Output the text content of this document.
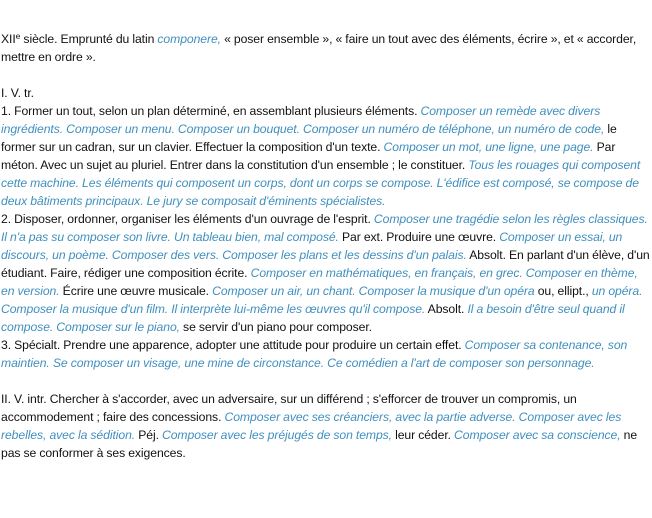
XIIe siècle. Emprunté du latin componere, « poser ensemble », « faire un tout avec des éléments, écrire », et « accorder, mettre en ordre ».

I. V. tr.

1. Former un tout, selon un plan déterminé, en assemblant plusieurs éléments. Composer un remède avec divers ingrédients. Composer un menu. Composer un bouquet. Composer un numéro de téléphone, un numéro de code, le former sur un cadran, sur un clavier. Effectuer la composition d'un texte. Composer un mot, une ligne, une page. Par méton. Avec un sujet au pluriel. Entrer dans la constitution d'un ensemble ; le constituer. Tous les rouages qui composent cette machine. Les éléments qui composent un corps, dont un corps se compose. L'édifice est composé, se compose de deux bâtiments principaux. Le jury se composait d'éminents spécialistes.

2. Disposer, ordonner, organiser les éléments d'un ouvrage de l'esprit. Composer une tragédie selon les règles classiques. Il n'a pas su composer son livre. Un tableau bien, mal composé. Par ext. Produire une œuvre. Composer un essai, un discours, un poème. Composer des vers. Composer les plans et les dessins d'un palais. Absolt. En parlant d'un élève, d'un étudiant. Faire, rédiger une composition écrite. Composer en mathématiques, en français, en grec. Composer en thème, en version. Écrire une œuvre musicale. Composer un air, un chant. Composer la musique d'un opéra ou, ellipt., un opéra. Composer la musique d'un film. Il interprète lui-même les œuvres qu'il compose. Absolt. Il a besoin d'être seul quand il compose. Composer sur le piano, se servir d'un piano pour composer.

3. Spécialt. Prendre une apparence, adopter une attitude pour produire un certain effet. Composer sa contenance, son maintien. Se composer un visage, une mine de circonstance. Ce comédien a l'art de composer son personnage.

II. V. intr. Chercher à s'accorder, avec un adversaire, sur un différend ; s'efforcer de trouver un compromis, un accommodement ; faire des concessions. Composer avec ses créanciers, avec la partie adverse. Composer avec les rebelles, avec la sédition. Péj. Composer avec les préjugés de son temps, leur céder. Composer avec sa conscience, ne pas se conformer à ses exigences.
